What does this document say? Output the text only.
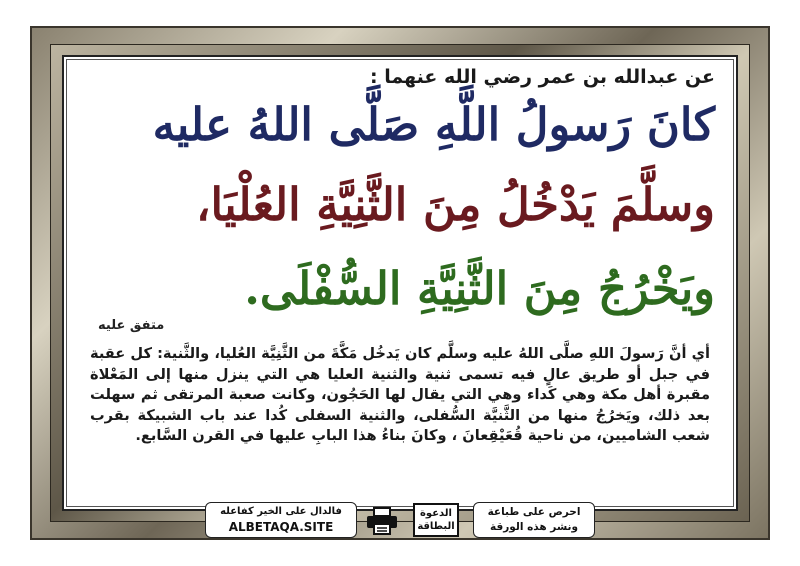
عن عبدالله بن عمر رضي الله عنهما :
كانَ رَسولُ اللَّهِ صَلَّى اللهُ عليه
وسلَّمَ يَدْخُلُ مِنَ الثَّنِيَّةِ العُلْيَا،
ويَخْرُجُ مِنَ الثَّنِيَّةِ السُّفْلَى.
متفق عليه
أي أنَّ رَسولَ اللهِ صلَّى اللهُ عليه وسلَّم كان يَدخُل مَكَّةَ من الثَّنِيَّة العُليا، والثَّنية: كل عقبة في جبل أو طريق عالٍ فيه تسمى ثنية والثنية العليا هي التي ينزل منها إلى المَعْلاة مقبرة أهل مكة وهي كَداء وهي التي يقال لها الحَجُون، وكانت صعبة المرتقى ثم سهلت بعد ذلك، ويَخرُجُ منها من الثَّنيَّة السُّفلى، والثنية السفلى كُدا عند باب الشبيكة بقرب شعب الشاميين، من ناحية قُعَيْقِعانَ ، وكانَ بناءُ هذا البابِ عليها في القرن السَّابع.
فالدال على الخير كفاعله
ALBETAQA.SITE
الدعوة
البطاقة
احرص على طباعة
ونشر هذه الورقة
